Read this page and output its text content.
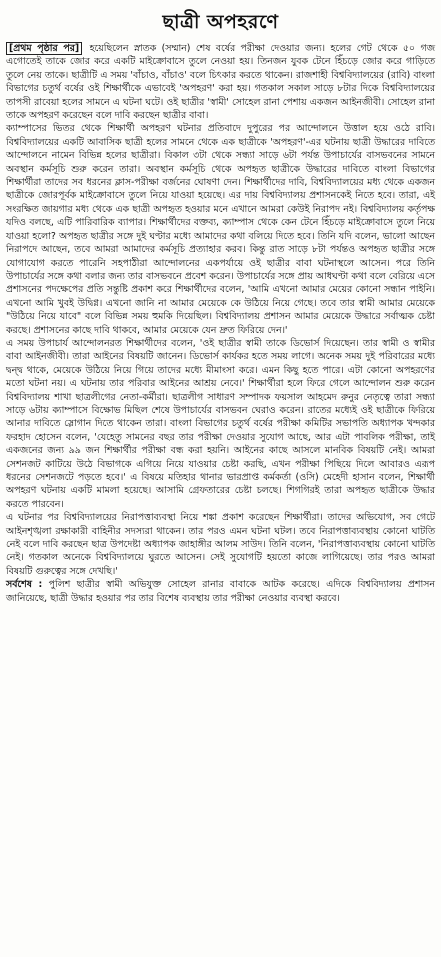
ছাত্রী অপহরণে

[প্রথম পৃষ্ঠার পর] হয়েছিলেন স্নাতক (সম্মান) শেষ বর্ষের পরীক্ষা দেওয়ার জন্য। হলের গেট থেকে ৫০ গজ এগোতেই তাকে জোর করে একটি মাইক্রোবাসে তুলে নেওয়া হয়। তিনজন যুবক টেনে হিঁচড়ে জোর করে গাড়িতে তুলে নেয় তাকে। ছাত্রীটি এ সময় 'বাঁচাও, বাঁচাও' বলে চিৎকার করতে থাকেন। রাজশাহী বিশ্ববিদ্যালয়ের (রাবি) বাংলা বিভাগের চতুর্থ বর্ষের ওই শিক্ষার্থীকে এভাবেই 'অপহরণ' করা হয়। গতকাল সকাল সাড়ে ৮টার দিকে বিশ্ববিদ্যালয়ের তাপসী রাবেয়া হলের সামনে এ ঘটনা ঘটে। ওই ছাত্রীর 'স্বামী' সোহেল রানা পেশায় একজন আইনজীবী। সোহেল রানা তাকে অপহরণ করেছেন বলে দাবি করছেন ছাত্রীর বাবা।

ক্যাম্পাসের ভিতর থেকে শিক্ষার্থী অপহরণ ঘটনার প্রতিবাদে দুপুরের পর আন্দোলনে উত্তাল হয়ে ওঠে রাবি। বিশ্ববিদ্যালয়ের একটি আবাসিক ছাত্রী হলের সামনে থেকে এক ছাত্রীকে 'অপহরণ'-এর ঘটনায় ছাত্রী উদ্ধারের দাবিতে আন্দোলনে নামেন বিভিন্ন হলের ছাত্রীরা। বিকাল ৩টা থেকে সন্ধ্যা সাড়ে ৬টা পর্যন্ত উপাচার্যের বাসভবনের সামনে অবস্থান কর্মসূচি শুরু করেন তারা। অবস্থান কর্মসূচি থেকে অপহৃত ছাত্রীকে উদ্ধারের দাবিতে বাংলা বিভাগের শিক্ষার্থীরা তাদের সব ধরনের ক্লাস-পরীক্ষা বর্জনের ঘোষণা দেন। শিক্ষার্থীদের দাবি, বিশ্ববিদ্যালয়ের মধ্য থেকে একজন ছাত্রীকে জোরপূর্বক মাইক্রোবাসে তুলে নিয়ে যাওয়া হয়েছে। এর দায় বিশ্ববিদ্যালয় প্রশাসনকেই নিতে হবে। তারা, এই সংরক্ষিত জায়গার মধ্য থেকে এক ছাত্রী অপহৃত হওয়ার মনে এখানে আমরা কেউই নিরাপদ নই। বিশ্ববিদ্যালয় কর্তৃপক্ষ যদিও বলছে, এটি পারিবারিক ব্যাপার। শিক্ষার্থীদের বক্তব্য, ক্যাম্পাস থেকে কেন টেনে হিঁচড়ে মাইক্রোবাসে তুলে নিয়ে যাওয়া হলো? অপহৃত ছাত্রীর সঙ্গে দুই ঘণ্টার মধ্যে আমাদের কথা বলিয়ে দিতে হবে। তিনি যদি বলেন, ভালো আছেন নিরাপদে আছেন, তবে আমরা আমাদের কর্মসূচি প্রত্যাহার করব। কিন্তু রাত সাড়ে ৮টা পর্যন্তও অপহৃত ছাত্রীর সঙ্গে যোগাযোগ করতে পারেনি সহপাঠীরা আন্দোলনের একপর্যায়ে ওই ছাত্রীর বাবা ঘটনাস্থলে আসেন। পরে তিনি উপাচার্যের সঙ্গে কথা বলার জন্য তার বাসভবনে প্রবেশ করেন। উপাচার্যের সঙ্গে প্রায় আধঘণ্টা কথা বলে বেরিয়ে এসে প্রশাসনের পদক্ষেপের প্রতি সন্তুষ্টি প্রকাশ করে শিক্ষার্থীদের বলেন, 'আমি এখনো আমার মেয়ের কোনো সন্ধান পাইনি। এখনো আমি খুবই উদ্বিগ্ন। এখনো জানি না আমার মেয়েকে কে উঠিয়ে নিয়ে গেছে। তবে তার স্বামী আমার মেয়েকে "উঠিয়ে নিয়ে যাবে" বলে বিভিন্ন সময় হুমকি দিয়েছিল। বিশ্ববিদ্যালয় প্রশাসন আমার মেয়েকে উদ্ধারে সর্বাত্মক চেষ্টা করছে। প্রশাসনের কাছে দাবি থাকবে, আমার মেয়েকে যেন দ্রুত ফিরিয়ে দেন।'

এ সময় উপাচার্য আন্দোলনরত শিক্ষার্থীদের বলেন, 'ওই ছাত্রীর স্বামী তাকে ডিভোর্স দিয়েছেন। তার স্বামী ও স্বামীর বাবা আইনজীবী। তারা আইনের বিষয়টি জানেন। ডিভোর্স কার্যকর হতে সময় লাগে। অনেক সময় দুই পরিবারের মধ্যে দ্বন্দ্ব থাকে, মেয়েকে উঠিয়ে নিয়ে গিয়ে তাদের মধ্যে মীমাংসা করে। এমন কিছু হতে পারে। এটা কোনো অপহরণের মতো ঘটনা নয়। এ ঘটনায় তার পরিবার আইনের আশ্রয় নেবে।' শিক্ষার্থীরা হলে ফিরে গেলে আন্দোলন শুরু করেন বিশ্ববিদ্যালয় শাখা ছাত্রলীগের নেতা-কর্মীরা। ছাত্রলীগ সাধারণ সম্পাদক ফয়সাল আহমেদ রুনুর নেতৃত্বে তারা সন্ধ্যা সাড়ে ৬টায় ক্যাম্পাসে বিক্ষোভ মিছিল শেষে উপাচার্যের বাসভবন ঘেরাও করেন। রাতের মধ্যেই ওই ছাত্রীকে ফিরিয়ে আনার দাবিতে স্লোগান দিতে থাকেন তারা। বাংলা বিভাগের চতুর্থ বর্ষের পরীক্ষা কমিটির সভাপতি অধ্যাপক খন্দকার ফরহাদ হোসেন বলেন, 'যেহেতু সামনের বছর তার পরীক্ষা দেওয়ার সুযোগ আছে, আর এটা পাবলিক পরীক্ষা, তাই একজনের জন্য ৯৯ জন শিক্ষার্থীর পরীক্ষা বন্ধ করা হয়নি। আইনের কাছে আসলে মানবিক বিষয়টি নেই। আমরা সেশনজট কাটিয়ে উঠে বিভাগকে এগিয়ে নিয়ে যাওয়ার চেষ্টা করছি, এখন পরীক্ষা পিছিয়ে দিলে আবারও এরূপ ধরনের সেশনজটে পড়তে হবে।' এ বিষয়ে মতিহার থানার ভারপ্রাপ্ত কর্মকর্তা (ওসি) মেহেদী হাসান বলেন, শিক্ষার্থী অপহরণ ঘটনায় একটি মামলা হয়েছে। আসামি গ্রেফতারের চেষ্টা চলছে। শিগগিরই তারা অপহৃত ছাত্রীকে উদ্ধার করতে পারবেন।

এ ঘটনার পর বিশ্ববিদ্যালয়ের নিরাপত্তাব্যবস্থা নিয়ে শঙ্কা প্রকাশ করেছেন শিক্ষার্থীরা। তাদের অভিযোগ, সব গেটে আইনশৃঙ্খলা রক্ষাকারী বাহিনীর সদস্যরা থাকেন। তার পরও এমন ঘটনা ঘটল। তবে নিরাপত্তাব্যবস্থায় কোনো ঘাটতি নেই বলে দাবি করছেন ছাত্র উপদেষ্টা অধ্যাপক জাহাঙ্গীর আলম সাউদ। তিনি বলেন, 'নিরাপত্তাব্যবস্থায় কোনো ঘাটতি নেই। গতকাল অনেকে বিশ্ববিদ্যালয়ে ঘুরতে আসেন। সেই সুযোগটি হয়তো কাজে লাগিয়েছে। তার পরও আমরা বিষয়টি গুরুত্বের সঙ্গে দেখছি।'

সর্বশেষ : পুলিশ ছাত্রীর স্বামী অভিযুক্ত সোহেল রানার বাবাকে আটক করেছে। এদিকে বিশ্ববিদ্যালয় প্রশাসন জানিয়েছে, ছাত্রী উদ্ধার হওয়ার পর তার বিশেষ ব্যবস্থায় তার পরীক্ষা নেওয়ার ব্যবস্থা করবে।
